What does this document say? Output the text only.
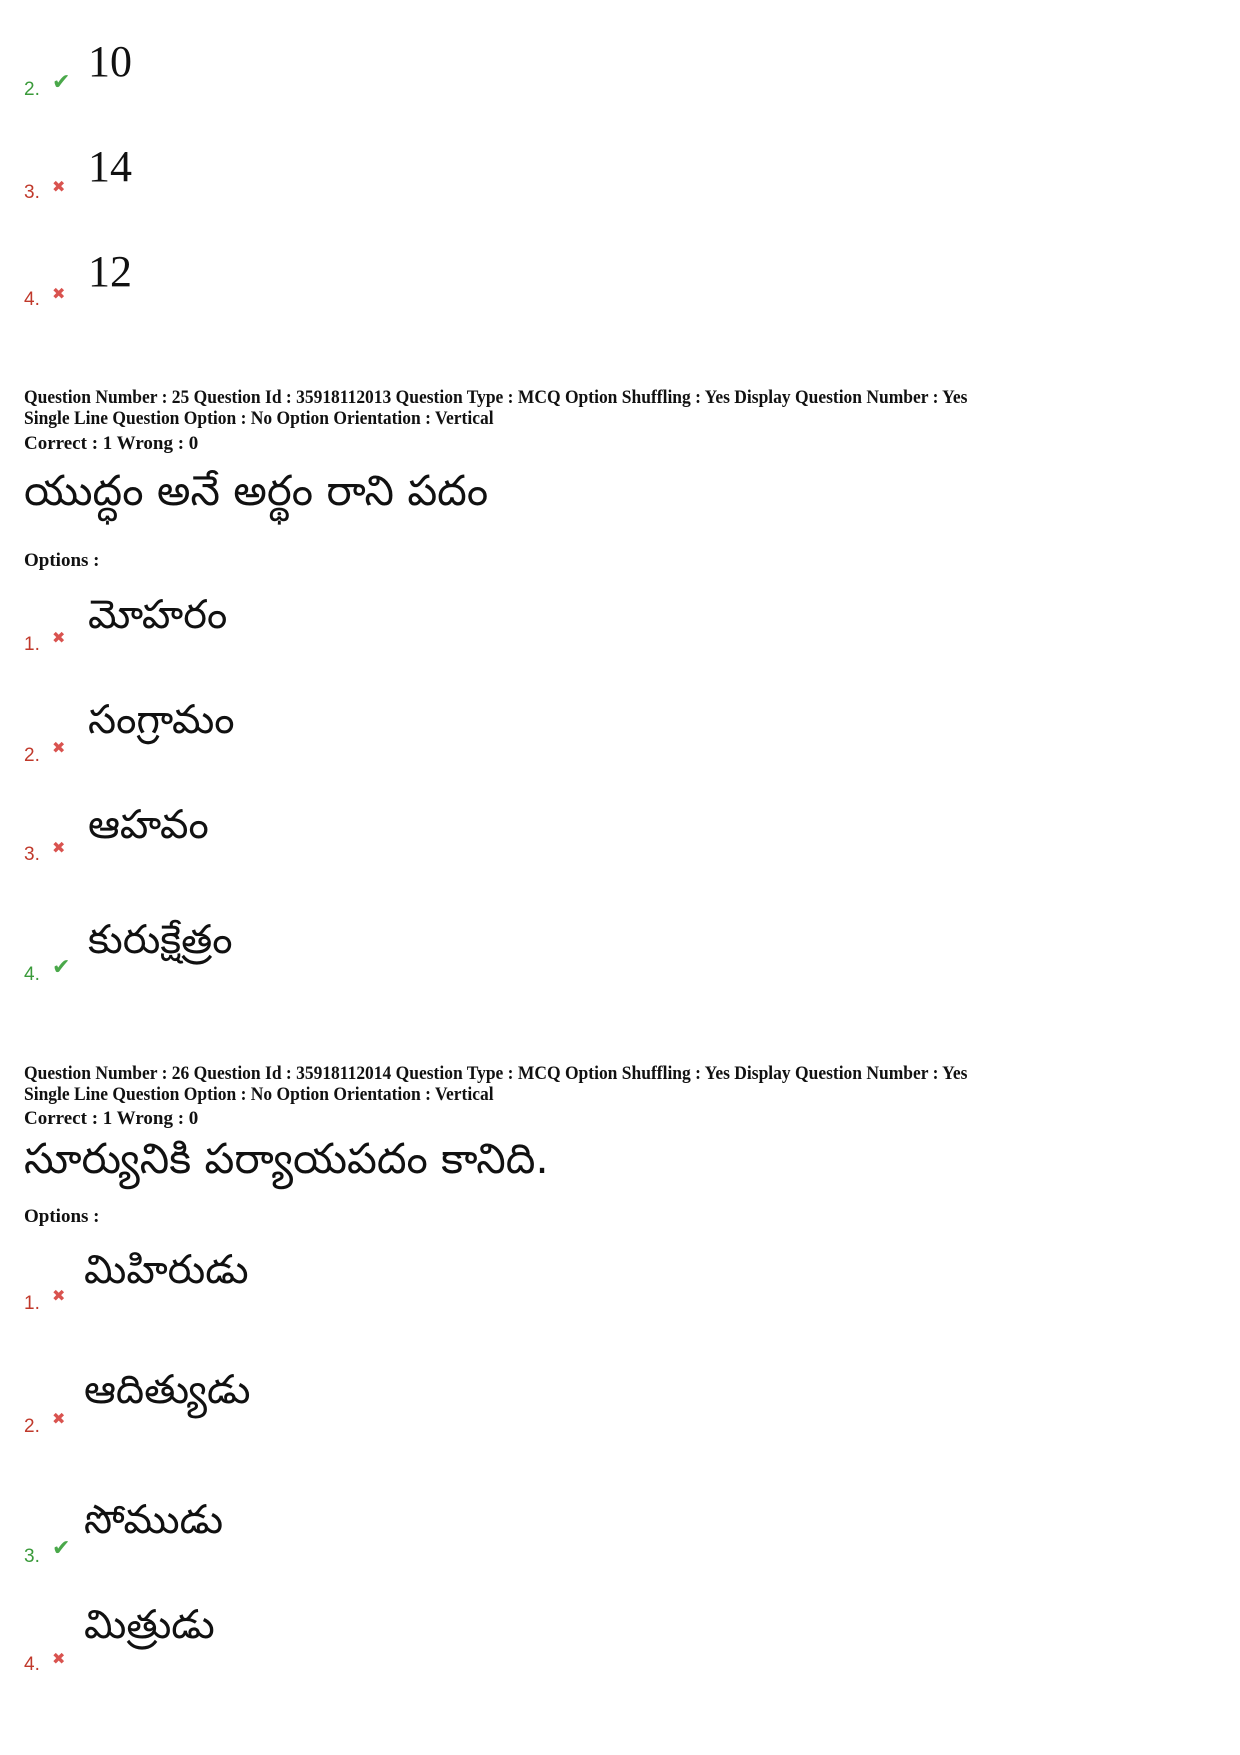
2. ✔ 10
3. ✖ 14
4. ✖ 12
Question Number : 25 Question Id : 35918112013 Question Type : MCQ Option Shuffling : Yes Display Question Number : Yes
Single Line Question Option : No Option Orientation : Vertical
Correct : 1 Wrong : 0
యుద్ధం అనే అర్థం రాని పదం
Options :
1. ✖ మోహరం
2. ✖
సంగ్రామం
3. ✖ ఆహవం
4. ✔
కురుక్షేత్రం
Question Number : 26 Question Id : 35918112014 Question Type : MCQ Option Shuffling : Yes Display Question Number : Yes
Single Line Question Option : No Option Orientation : Vertical
Correct : 1 Wrong : 0
సూర్యునికి పర్యాయపదం కానిది.
Options :
1. ✖
మిహిరుడు
2. ✖
ఆదిత్యుడు
3. ✔
సోముడు
4. ✖
మిత్రుడు
